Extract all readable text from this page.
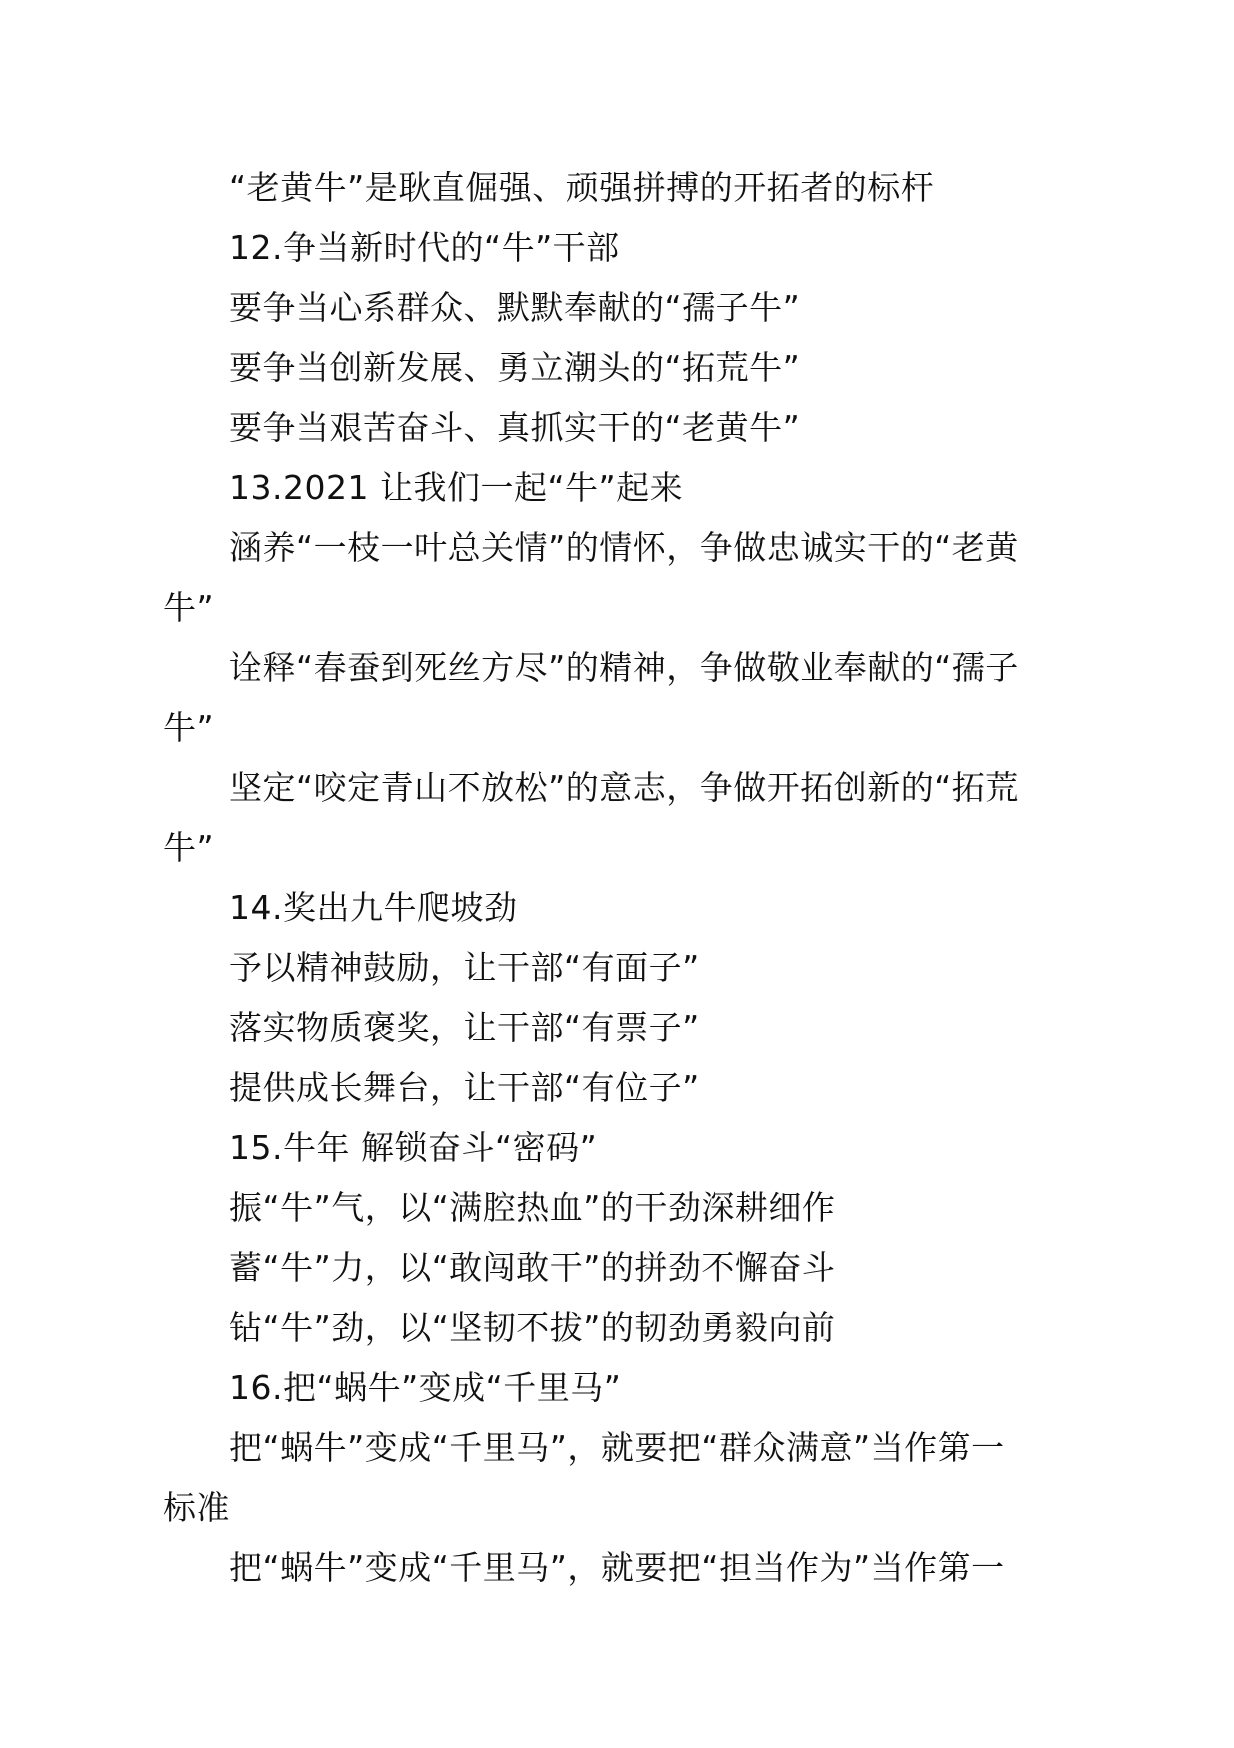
“老黄牛”是耿直倔强、顽强拼搏的开拓者的标杆
12.争当新时代的“牛”干部
要争当心系群众、默默奉献的“孺子牛”
要争当创新发展、勇立潮头的“拓荒牛”
要争当艰苦奋斗、真抓实干的“老黄牛”
13.2021 让我们一起“牛”起来
涵养“一枝一叶总关情”的情怀，争做忠诚实干的“老黄
牛”
诠释“春蚕到死丝方尽”的精神，争做敬业奉献的“孺子
牛”
坚定“咬定青山不放松”的意志，争做开拓创新的“拓荒
牛”
14.奖出九牛爬坡劲
予以精神鼓励，让干部“有面子”
落实物质褒奖，让干部“有票子”
提供成长舞台，让干部“有位子”
15.牛年 解锁奋斗“密码”
振“牛”气，以“满腔热血”的干劲深耕细作
蓄“牛”力，以“敢闯敢干”的拼劲不懈奋斗
钻“牛”劲，以“坚韧不拔”的韧劲勇毅向前
16.把“蜗牛”变成“千里马”
把“蜗牛”变成“千里马”，就要把“群众满意”当作第一
标准
把“蜗牛”变成“千里马”，就要把“担当作为”当作第一
